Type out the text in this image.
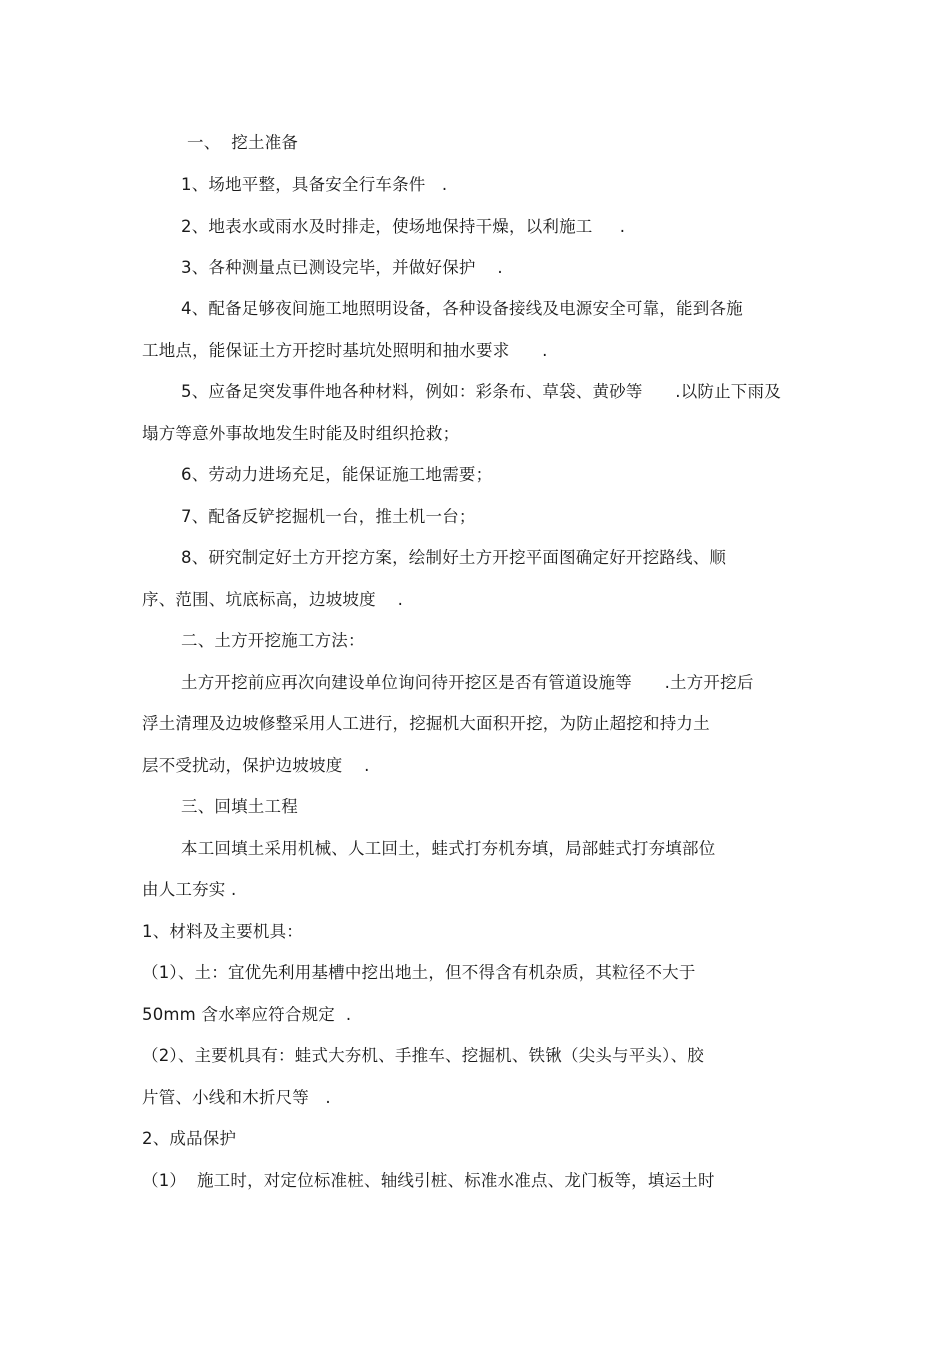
一、  挖土准备
1、场地平整，具备安全行车条件   .
2、地表水或雨水及时排走，使场地保持干燥，以利施工     .
3、各种测量点已测设完毕，并做好保护    .
4、配备足够夜间施工地照明设备，各种设备接线及电源安全可靠，能到各施
工地点，能保证土方开挖时基坑处照明和抽水要求      .
5、应备足突发事件地各种材料，例如：彩条布、草袋、黄砂等      .以防止下雨及
塌方等意外事故地发生时能及时组织抢救；
6、劳动力进场充足，能保证施工地需要；
7、配备反铲挖掘机一台，推土机一台；
8、研究制定好土方开挖方案，绘制好土方开挖平面图确定好开挖路线、顺
序、范围、坑底标高，边坡坡度    .
二、土方开挖施工方法：
土方开挖前应再次向建设单位询问待开挖区是否有管道设施等      .土方开挖后
浮土清理及边坡修整采用人工进行，挖掘机大面积开挖，为防止超挖和持力土
层不受扰动，保护边坡坡度    .
三、回填土工程
本工回填土采用机械、人工回土，蛙式打夯机夯填，局部蛙式打夯填部位
由人工夯实 .
1、材料及主要机具：
（1）、土：宜优先利用基槽中挖出地土，但不得含有机杂质，其粒径不大于
50mm 含水率应符合规定  .
（2）、主要机具有：蛙式大夯机、手推车、挖掘机、铁锹（尖头与平头）、胶
片管、小线和木折尺等   .
2、成品保护
（1）  施工时，对定位标准桩、轴线引桩、标准水准点、龙门板等，填运土时
